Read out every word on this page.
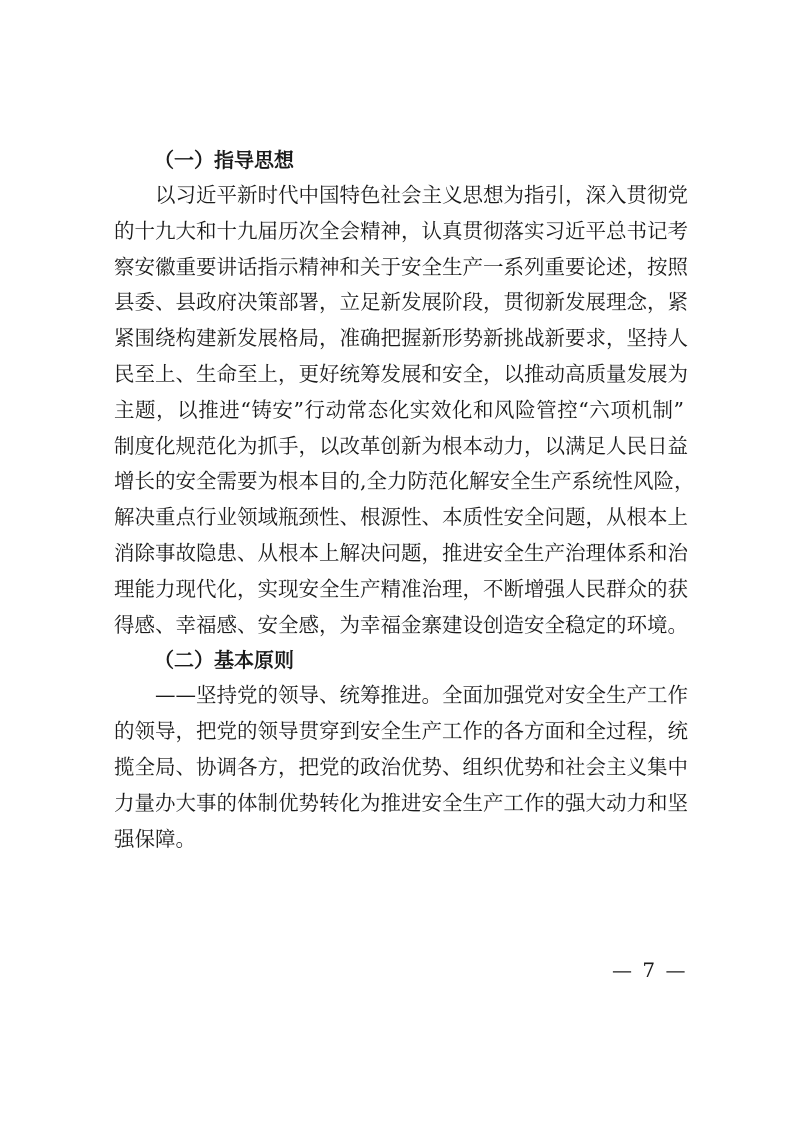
（一）指导思想
以习近平新时代中国特色社会主义思想为指引，深入贯彻党
的十九大和十九届历次全会精神，认真贯彻落实习近平总书记考
察安徽重要讲话指示精神和关于安全生产一系列重要论述，按照
县委、县政府决策部署，立足新发展阶段，贯彻新发展理念，紧
紧围绕构建新发展格局，准确把握新形势新挑战新要求，坚持人
民至上、生命至上，更好统筹发展和安全，以推动高质量发展为
主题，以推进“铸安”行动常态化实效化和风险管控“六项机制”
制度化规范化为抓手，以改革创新为根本动力，以满足人民日益
增长的安全需要为根本目的,全力防范化解安全生产系统性风险，
解决重点行业领域瓶颈性、根源性、本质性安全问题，从根本上
消除事故隐患、从根本上解决问题，推进安全生产治理体系和治
理能力现代化，实现安全生产精准治理，不断增强人民群众的获
得感、幸福感、安全感，为幸福金寨建设创造安全稳定的环境。
（二）基本原则
——坚持党的领导、统筹推进。全面加强党对安全生产工作
的领导，把党的领导贯穿到安全生产工作的各方面和全过程，统
揽全局、协调各方，把党的政治优势、组织优势和社会主义集中
力量办大事的体制优势转化为推进安全生产工作的强大动力和坚
强保障。
— 7 —
